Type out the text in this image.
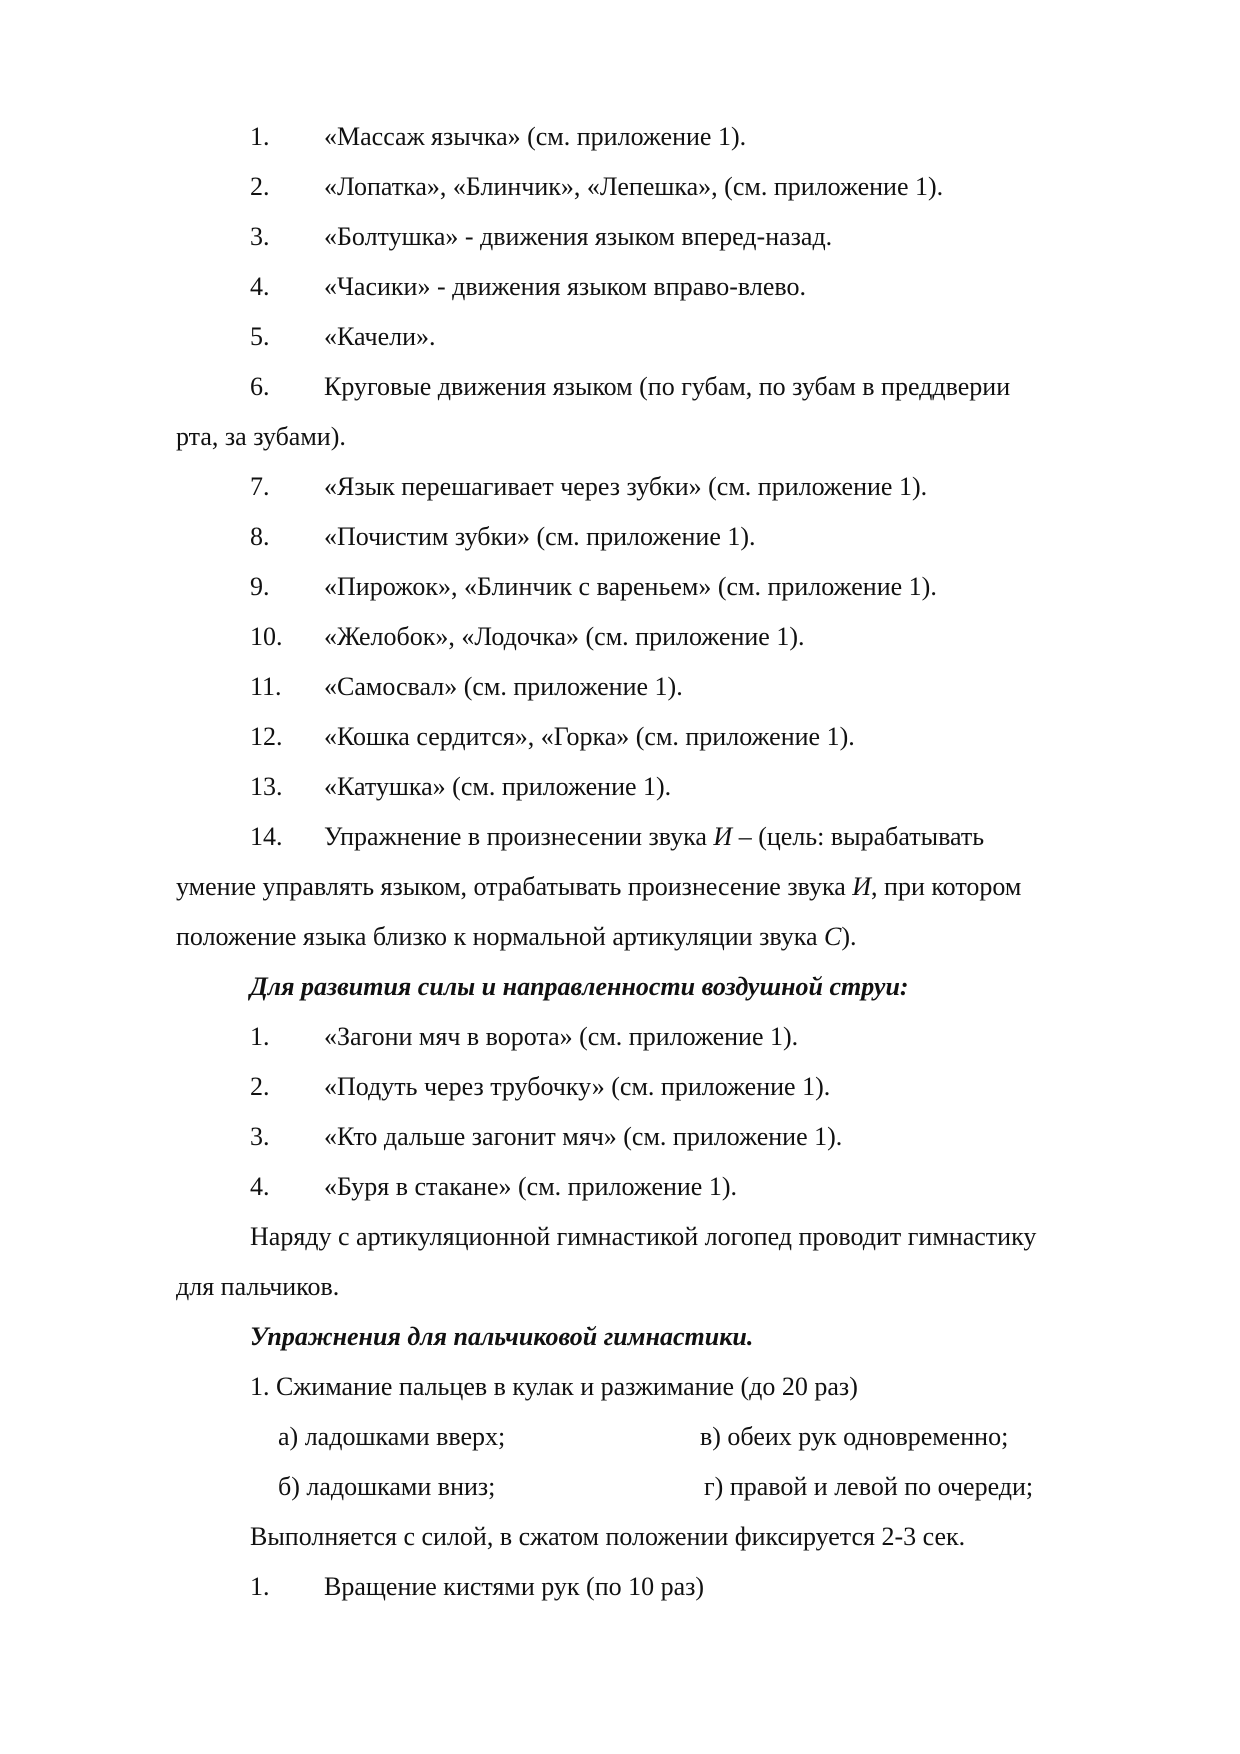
1. «Массаж язычка» (см. приложение 1).
2. «Лопатка», «Блинчик», «Лепешка», (см. приложение 1).
3. «Болтушка» - движения языком вперед-назад.
4. «Часики» - движения языком вправо-влево.
5. «Качели».
6. Круговые движения языком (по губам, по зубам в преддверии
рта, за зубами).
7. «Язык перешагивает через зубки» (см. приложение 1).
8. «Почистим зубки» (см. приложение 1).
9. «Пирожок», «Блинчик с вареньем» (см. приложение 1).
10. «Желобок», «Лодочка» (см. приложение 1).
11. «Самосвал» (см. приложение 1).
12. «Кошка сердится», «Горка» (см. приложение 1).
13. «Катушка» (см. приложение 1).
14. Упражнение в произнесении звука И – (цель: вырабатывать
умение управлять языком, отрабатывать произнесение звука И, при котором
положение языка близко к нормальной артикуляции звука С).
Для развития силы и направленности воздушной струи:
1. «Загони мяч в ворота» (см. приложение 1).
2. «Подуть через трубочку» (см. приложение 1).
3. «Кто дальше загонит мяч» (см. приложение 1).
4. «Буря в стакане» (см. приложение 1).
Наряду с артикуляционной гимнастикой логопед проводит гимнастику
для пальчиков.
Упражнения для пальчиковой гимнастики.
1. Сжимание пальцев в кулак и разжимание (до 20 раз)
а) ладошками вверх;	в) обеих рук одновременно;
б) ладошками вниз;	г) правой и левой по очереди;
Выполняется с силой, в сжатом положении фиксируется 2-3 сек.
1. Вращение кистями рук (по 10 раз)
